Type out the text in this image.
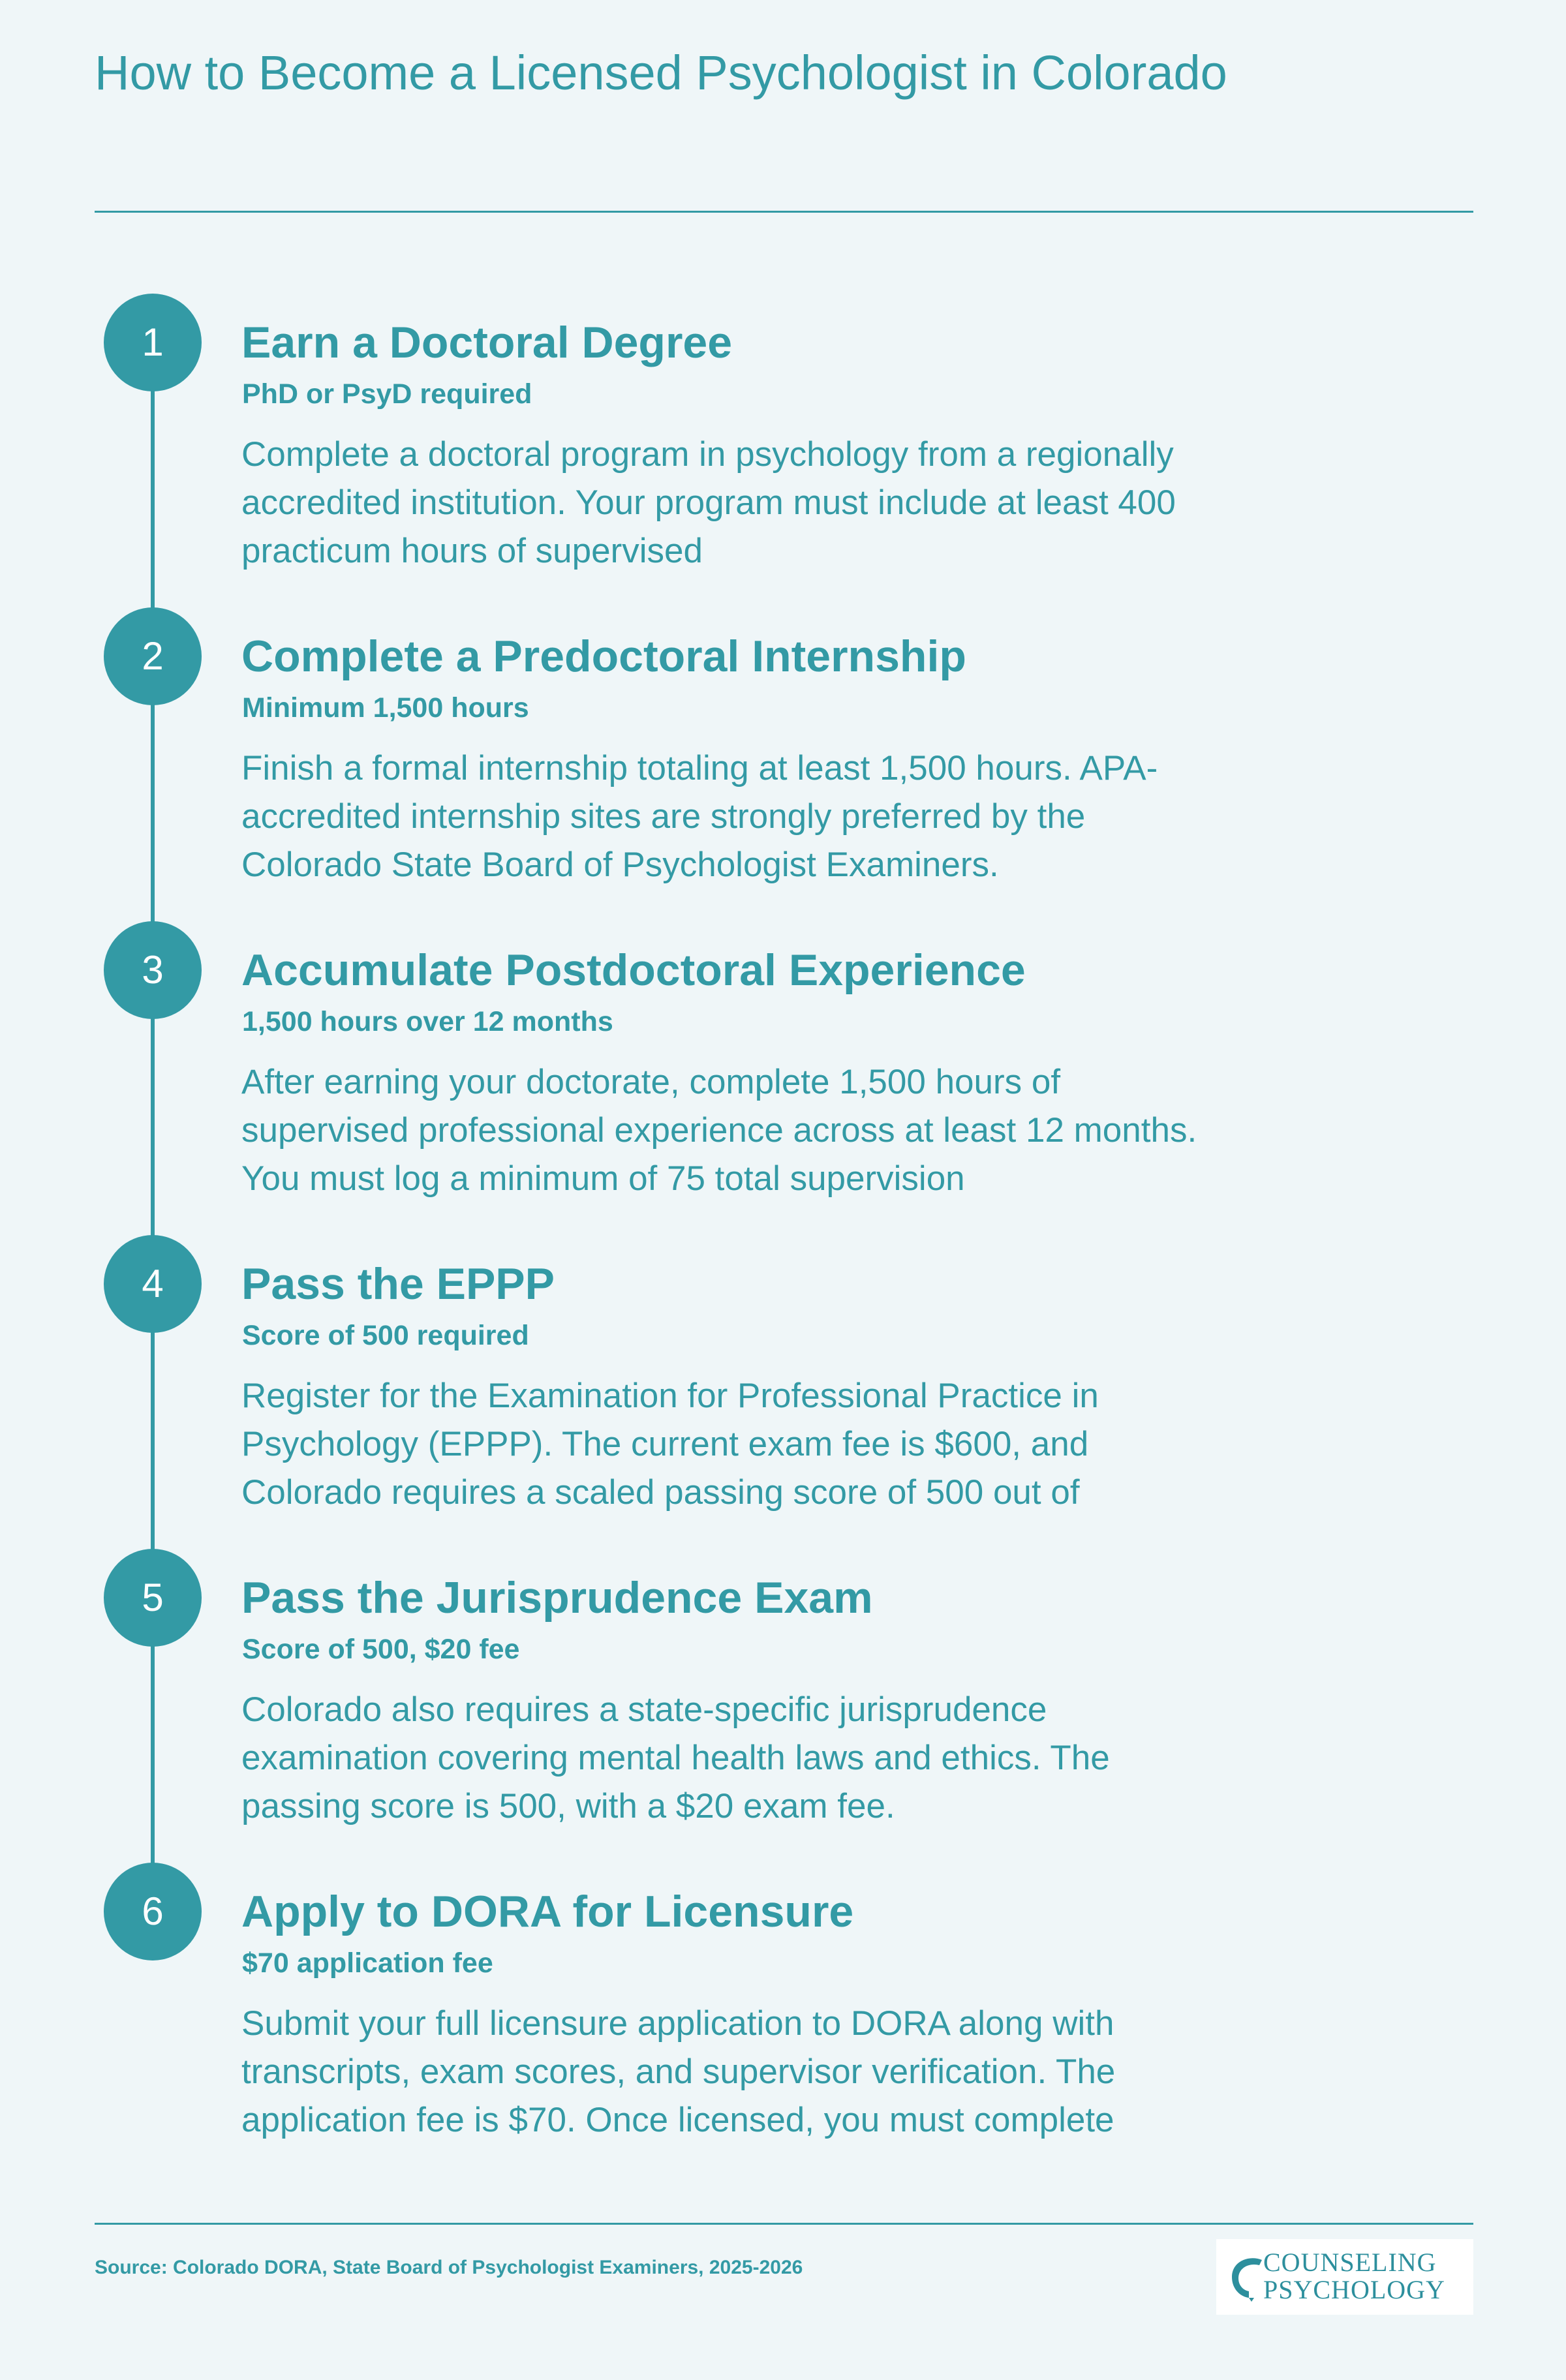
How to Become a Licensed Psychologist in Colorado
1	Earn a Doctoral Degree
PhD or PsyD required
Complete a doctoral program in psychology from a regionally accredited institution. Your program must include at least 400 practicum hours of supervised
2	Complete a Predoctoral Internship
Minimum 1,500 hours
Finish a formal internship totaling at least 1,500 hours. APA-accredited internship sites are strongly preferred by the Colorado State Board of Psychologist Examiners.
3	Accumulate Postdoctoral Experience
1,500 hours over 12 months
After earning your doctorate, complete 1,500 hours of supervised professional experience across at least 12 months. You must log a minimum of 75 total supervision
4	Pass the EPPP
Score of 500 required
Register for the Examination for Professional Practice in Psychology (EPPP). The current exam fee is $600, and Colorado requires a scaled passing score of 500 out of
5	Pass the Jurisprudence Exam
Score of 500, $20 fee
Colorado also requires a state-specific jurisprudence examination covering mental health laws and ethics. The passing score is 500, with a $20 exam fee.
6	Apply to DORA for Licensure
$70 application fee
Submit your full licensure application to DORA along with transcripts, exam scores, and supervisor verification. The application fee is $70. Once licensed, you must complete
Source: Colorado DORA, State Board of Psychologist Examiners, 2025-2026	COUNSELING
PSYCHOLOGY
